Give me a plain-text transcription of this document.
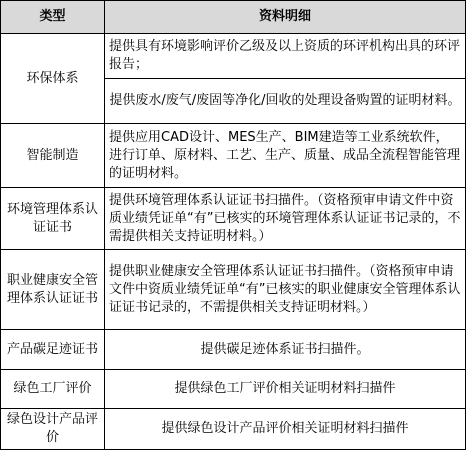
类型	资料明细
环保体系	提供具有环境影响评价乙级及以上资质的环评机构出具的环评报告；
	提供废水/废气/废固等净化/回收的处理设备购置的证明材料。
智能制造	提供应用CAD设计、MES生产、BIM建造等工业系统软件，进行订单、原材料、工艺、生产、质量、成品全流程智能管理的证明材料。
环境管理体系认证证书	提供环境管理体系认证证书扫描件。（资格预审申请文件中资质业绩凭证单“有”已核实的环境管理体系认证证书记录的，不需提供相关支持证明材料。）
职业健康安全管理体系认证证书	提供职业健康安全管理体系认证证书扫描件。（资格预审申请文件中资质业绩凭证单“有”已核实的职业健康安全管理体系认证证书记录的，不需提供相关支持证明材料。）
产品碳足迹证书	提供碳足迹体系证书扫描件。
绿色工厂评价	提供绿色工厂评价相关证明材料扫描件
绿色设计产品评价	提供绿色设计产品评价相关证明材料扫描件
